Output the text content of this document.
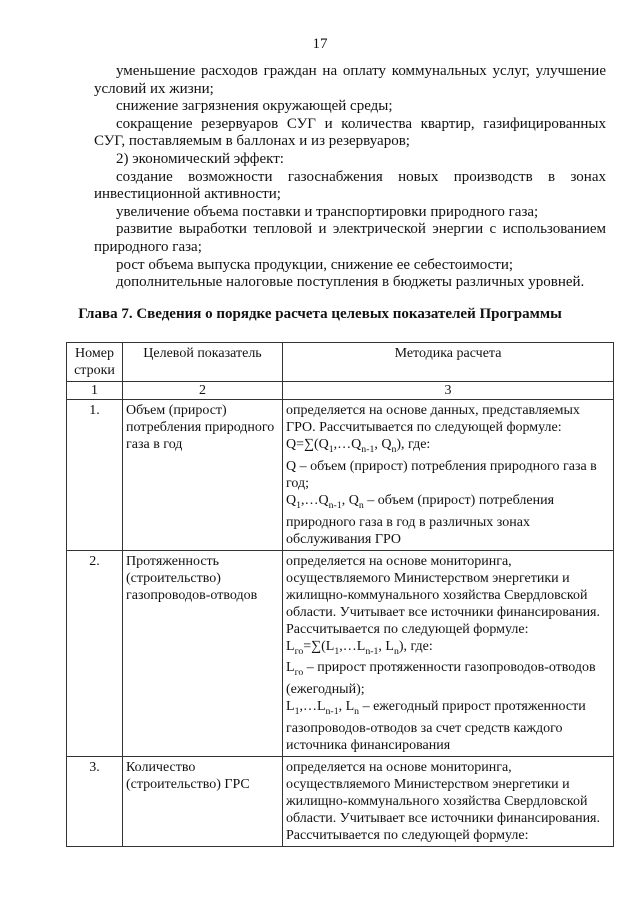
17

уменьшение расходов граждан на оплату коммунальных услуг, улучшение условий их жизни;

снижение загрязнения окружающей среды;

сокращение резервуаров СУГ и количества квартир, газифицированных СУГ, поставляемым в баллонах и из резервуаров;

2) экономический эффект:

создание возможности газоснабжения новых производств в зонах инвестиционной активности;

увеличение объема поставки и транспортировки природного газа;

развитие выработки тепловой и электрической энергии с использованием природного газа;

рост объема выпуска продукции, снижение ее себестоимости;

дополнительные налоговые поступления в бюджеты различных уровней.

Глава 7. Сведения о порядке расчета целевых показателей Программы
Номер строки	Целевой показатель	Методика расчета
1	2	3
1.	Объем (прирост) потребления природного газа в год	определяется на основе данных, представляемых ГРО. Рассчитывается по следующей формуле:
$Q=\sum(Q_1,\dots Q_{n-1}$, $Q_n$), где:
Q – объем (прирост) потребления природного газа в год;
$Q_1,\dots Q_{n-1}$, $Q_n$ – объем (прирост) потребления природного газа в год в различных зонах обслуживания ГРО

2.	Протяженность (строительство) газопроводов-отводов	определяется на основе мониторинга, осуществляемого Министерством энергетики и жилищно-коммунального хозяйства Свердловской области. Учитывает все источники финансирования. Рассчитывается по следующей формуле:
$L_{го}=\sum(L_1,\dots L_{n-1}$, $L_n$), где:
$L_{го}$ – прирост протяженности газопроводов-отводов (ежегодный);
$L_1,\dots L_{n-1}$, $L_n$ – ежегодный прирост протяженности газопроводов-отводов за счет средств каждого источника финансирования

3.	Количество (строительство) ГРС	определяется на основе мониторинга, осуществляемого Министерством энергетики и жилищно-коммунального хозяйства Свердловской области. Учитывает все источники финансирования. Рассчитывается по следующей формуле:
